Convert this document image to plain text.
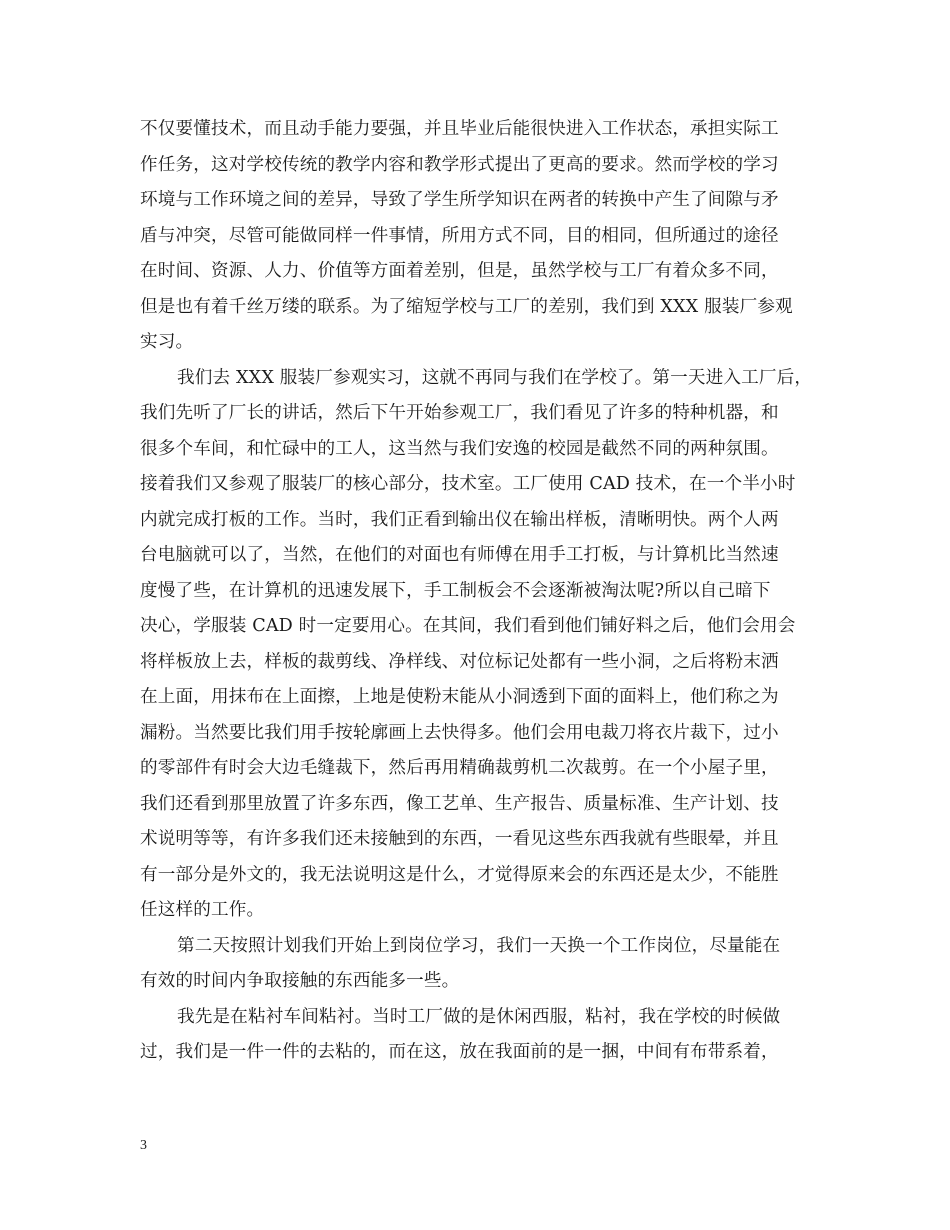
不仅要懂技术，而且动手能力要强，并且毕业后能很快进入工作状态，承担实际工
作任务，这对学校传统的教学内容和教学形式提出了更高的要求。然而学校的学习
环境与工作环境之间的差异，导致了学生所学知识在两者的转换中产生了间隙与矛
盾与冲突，尽管可能做同样一件事情，所用方式不同，目的相同，但所通过的途径
在时间、资源、人力、价值等方面着差别，但是，虽然学校与工厂有着众多不同，
但是也有着千丝万缕的联系。为了缩短学校与工厂的差别，我们到 XXX 服装厂参观
实习。
我们去 XXX 服装厂参观实习，这就不再同与我们在学校了。第一天进入工厂后，
我们先听了厂长的讲话，然后下午开始参观工厂，我们看见了许多的特种机器，和
很多个车间，和忙碌中的工人，这当然与我们安逸的校园是截然不同的两种氛围。
接着我们又参观了服装厂的核心部分，技术室。工厂使用 CAD 技术，在一个半小时
内就完成打板的工作。当时，我们正看到输出仪在输出样板，清晰明快。两个人两
台电脑就可以了，当然，在他们的对面也有师傅在用手工打板，与计算机比当然速
度慢了些，在计算机的迅速发展下，手工制板会不会逐渐被淘汰呢?所以自己暗下
决心，学服装 CAD 时一定要用心。在其间，我们看到他们铺好料之后，他们会用会
将样板放上去，样板的裁剪线、净样线、对位标记处都有一些小洞，之后将粉末洒
在上面，用抹布在上面擦，上地是使粉末能从小洞透到下面的面料上，他们称之为
漏粉。当然要比我们用手按轮廓画上去快得多。他们会用电裁刀将衣片裁下，过小
的零部件有时会大边毛缝裁下，然后再用精确裁剪机二次裁剪。在一个小屋子里，
我们还看到那里放置了许多东西，像工艺单、生产报告、质量标准、生产计划、技
术说明等等，有许多我们还未接触到的东西，一看见这些东西我就有些眼晕，并且
有一部分是外文的，我无法说明这是什么，才觉得原来会的东西还是太少，不能胜
任这样的工作。
第二天按照计划我们开始上到岗位学习，我们一天换一个工作岗位，尽量能在
有效的时间内争取接触的东西能多一些。
我先是在粘衬车间粘衬。当时工厂做的是休闲西服，粘衬，我在学校的时候做
过，我们是一件一件的去粘的，而在这，放在我面前的是一捆，中间有布带系着，
3
